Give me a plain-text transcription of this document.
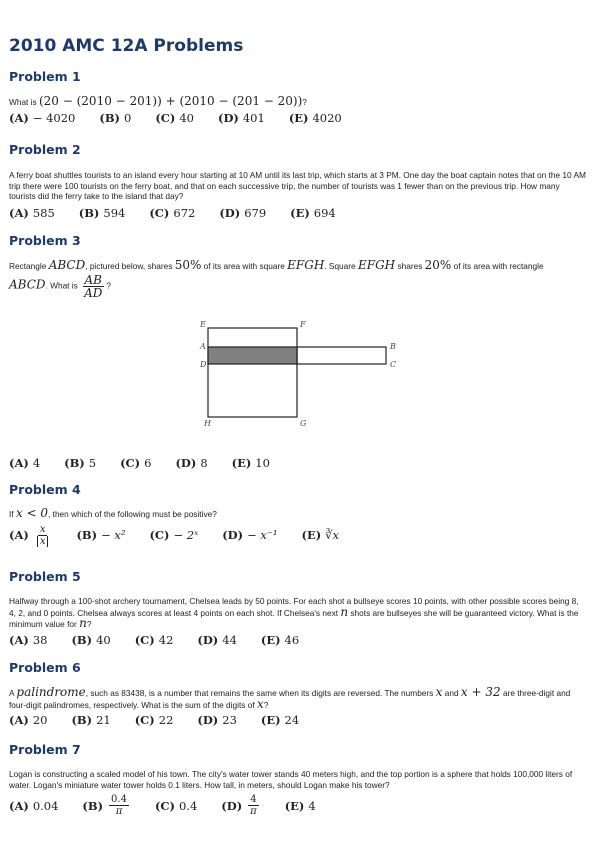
2010 AMC 12A Problems
Problem 1

What is (20 − (2010 − 201)) + (2010 − (201 − 20))?

(A) − 4020 (B) 0 (C) 40 (D) 401 (E) 4020
Problem 2

A ferry boat shuttles tourists to an island every hour starting at 10 AM until its last trip, which starts at 3 PM. One day the boat captain notes that on the 10 AM trip there were 100 tourists on the ferry boat, and that on each successive trip, the number of tourists was 1 fewer than on the previous trip. How many tourists did the ferry take to the island that day?

(A) 585 (B) 594 (C) 672 (D) 679 (E) 694
Problem 3

Rectangle ABCD, pictured below, shares 50% of its area with square EFGH. Square EFGH shares 20% of its area with rectangle
ABCD. What is $\frac{AB}{AD}$ ?

E	F
A
D
B
C
H	G
(A) 4 (B) 5 (C) 6 (D) 8 (E) 10
Problem 4

If x < 0, then which of the following must be positive?

$(A) \frac{x}{x} (B) - x^2$ (C) − 2ˣ (D) − x⁻¹ (E) ∛x
Problem 5

Halfway through a 100-shot archery tournament, Chelsea leads by 50 points. For each shot a bullseye scores 10 points, with other possible scores being 8, 4, 2, and 0 points. Chelsea always scores at least 4 points on each shot. If Chelsea's next n shots are bullseyes she will be guaranteed victory. What is the minimum value for n?

(A) 38 (B) 40 (C) 42 (D) 44 (E) 46
Problem 6

A palindrome, such as 83438, is a number that remains the same when its digits are reversed. The numbers x and x + 32 are three-digit and four-digit palindromes, respectively. What is the sum of the digits of x?

(A) 20 (B) 21 (C) 22 (D) 23 (E) 24
Problem 7

Logan is constructing a scaled model of his town. The city's water tower stands 40 meters high, and the top portion is a sphere that holds 100,000 liters of water. Logan's miniature water tower holds 0.1 liters. How tall, in meters, should Logan make his tower?

(A) 0.04 $(B) \frac{0.4}{\pi} (C)$ 0.4 $(D) \frac{4}{\pi} (E)$ 4
